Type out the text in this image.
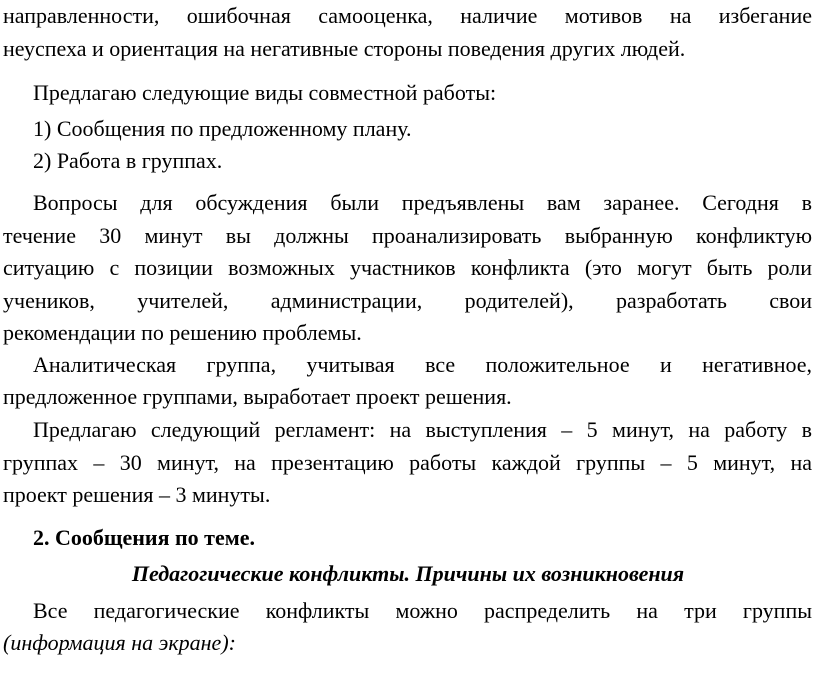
направленности, ошибочная самооценка, наличие мотивов на избегание
неуспеха и ориентация на негативные стороны поведения других людей.
Предлагаю следующие виды совместной работы:
1) Сообщения по предложенному плану.
2) Работа в группах.
Вопросы для обсуждения были предъявлены вам заранее. Сегодня в
течение 30 минут вы должны проанализировать выбранную конфликтую
ситуацию с позиции возможных участников конфликта (это могут быть роли
учеников, учителей, администрации, родителей), разработать свои
рекомендации по решению проблемы.
Аналитическая группа, учитывая все положительное и негативное,
предложенное группами, выработает проект решения.
Предлагаю следующий регламент: на выступления – 5 минут, на работу в
группах – 30 минут, на презентацию работы каждой группы – 5 минут, на
проект решения – 3 минуты.
2. Сообщения по теме.
Педагогические конфликты. Причины их возникновения
Все педагогические конфликты можно распределить на три группы
(информация на экране):
